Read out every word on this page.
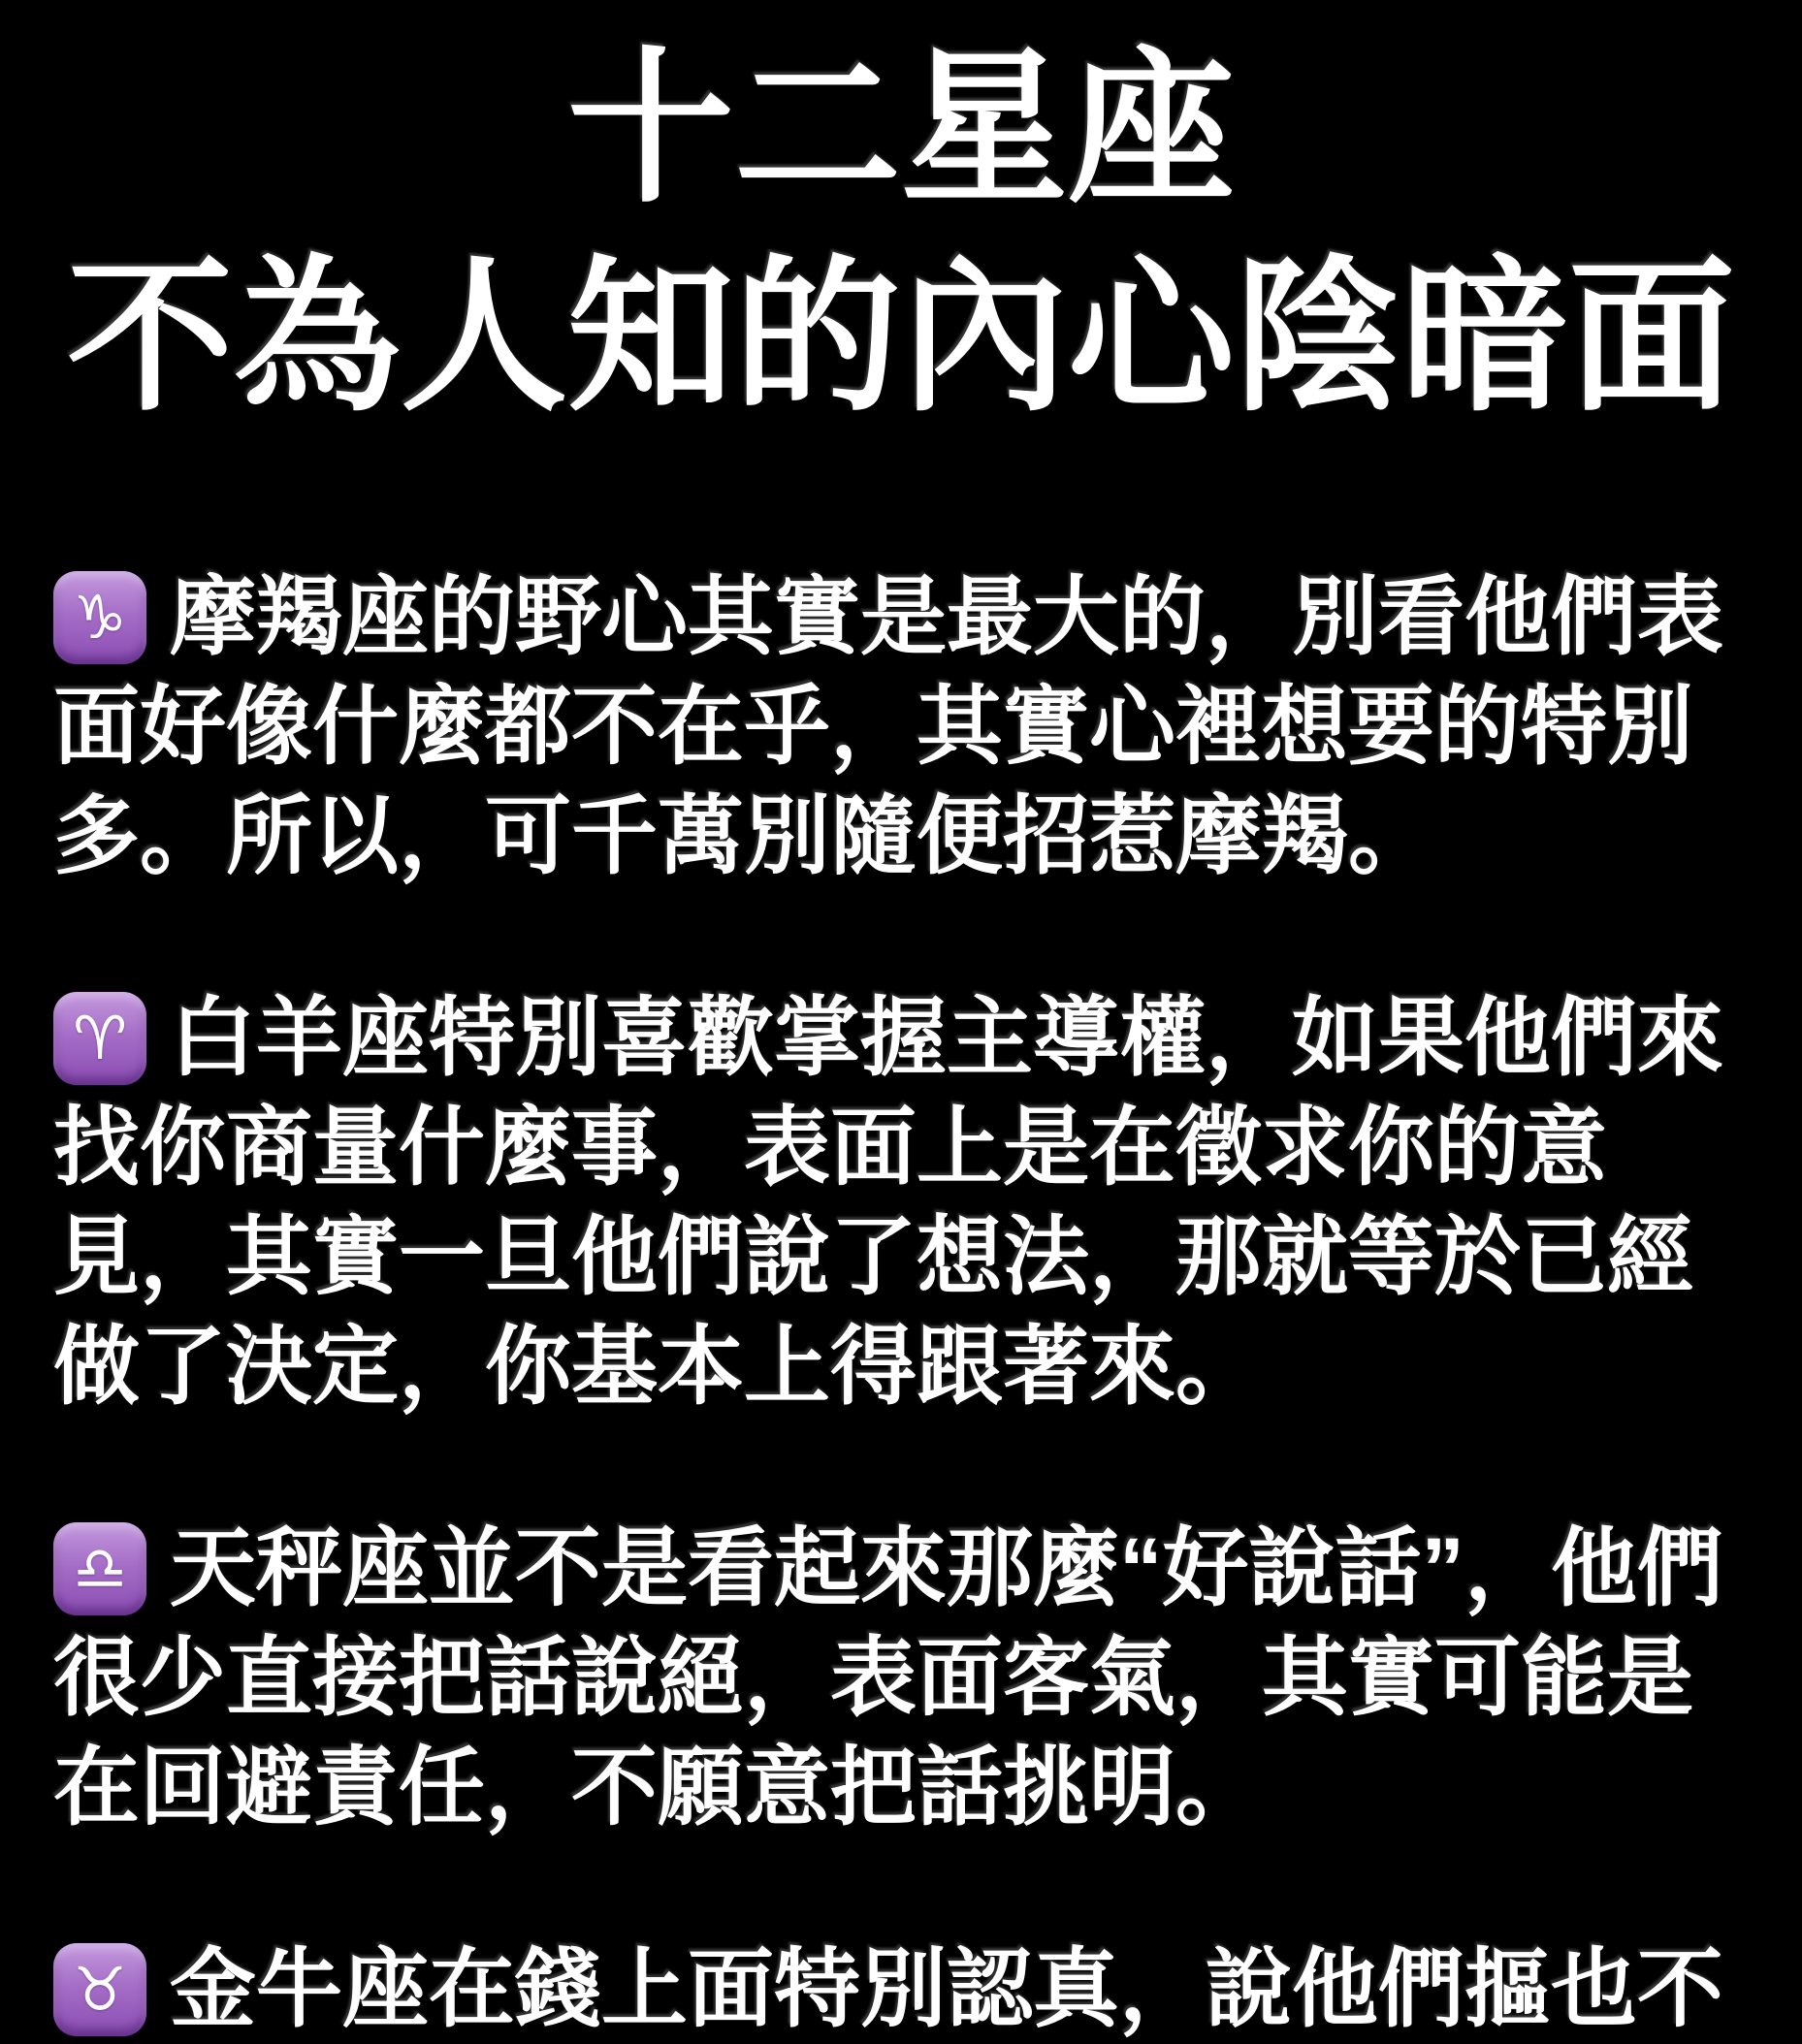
十二星座
不為人知的內心陰暗面

♑ 摩羯座的野心其實是最大的，別看他們表面好像什麼都不在乎，其實心裡想要的特別多。所以，可千萬別隨便招惹摩羯。

♈ 白羊座特別喜歡掌握主導權，如果他們來找你商量什麼事，表面上是在徵求你的意見，其實一旦他們說了想法，那就等於已經做了決定，你基本上得跟著來。

♎ 天秤座並不是看起來那麼“好說話”，他們很少直接把話說絕，表面客氣，其實可能是在回避責任，不願意把話挑明。

♉ 金牛座在錢上面特別認真，說他們摳也不
